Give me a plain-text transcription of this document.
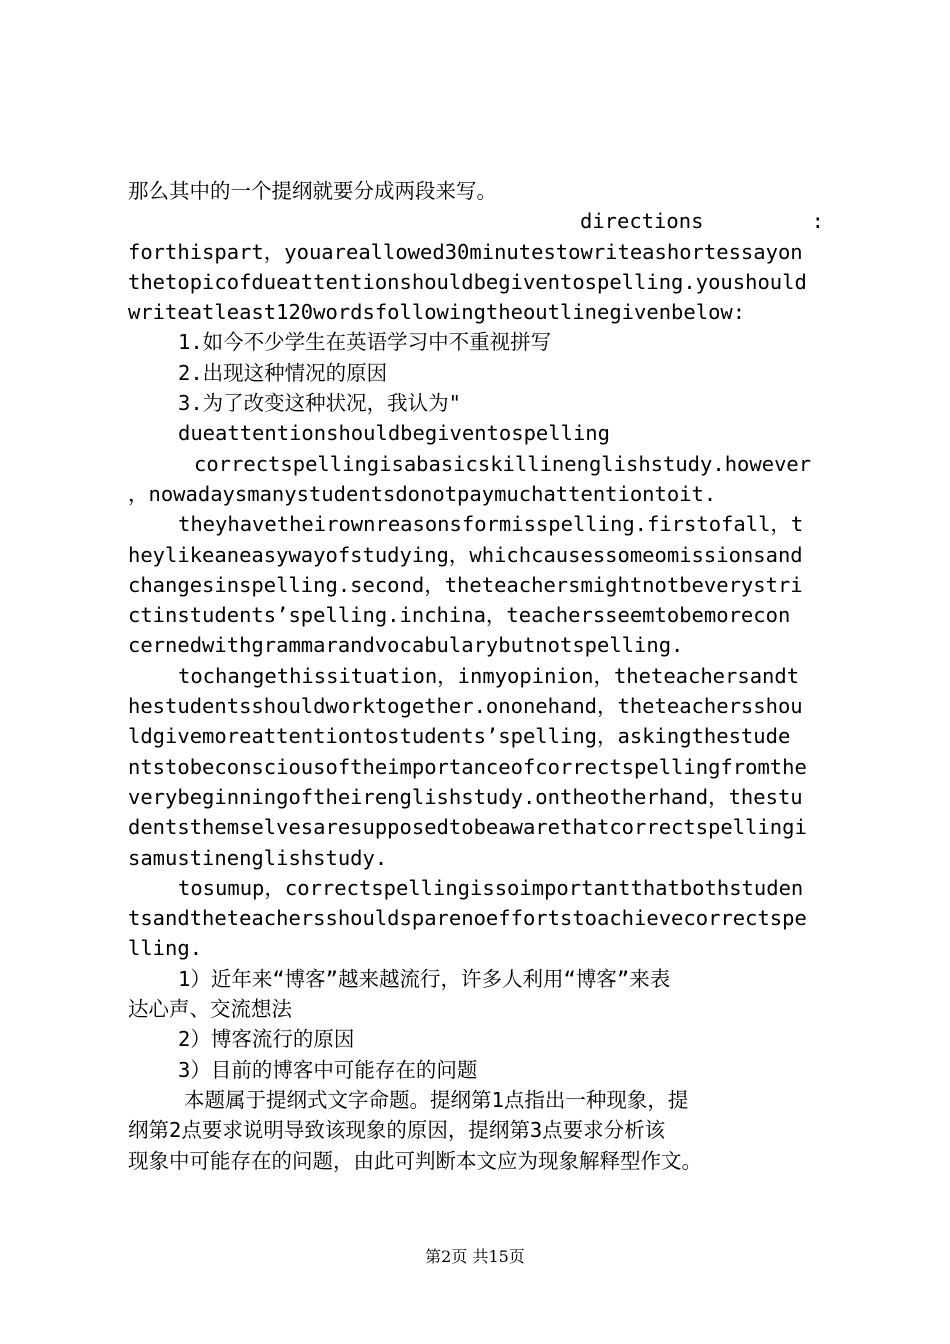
那么其中的一个提纲就要分成两段来写。
directions	:
forthispart，youareallowed30minutestowriteashortessayon
thetopicofdueattentionshouldbegiventospelling.youshould
writeatleast120wordsfollowingtheoutlinegivenbelow:
1.如今不少学生在英语学习中不重视拼写
2.出现这种情况的原因
3.为了改变这种状况，我认为"
dueattentionshouldbegiventospelling
correctspellingisabasicskillinenglishstudy.however
，nowadaysmanystudentsdonotpaymuchattentiontoit.
theyhavetheirownreasonsformisspelling.firstofall，t
heylikeaneasywayofstudying，whichcausessomeomissionsand
changesinspelling.second，theteachersmightnotbeverystri
ctinstudents’spelling.inchina，teachersseemtobemorecon
cernedwithgrammarandvocabularybutnotspelling.
tochangethissituation，inmyopinion，theteachersandt
hestudentsshouldworktogether.ononehand，theteachersshou
ldgivemoreattentiontostudents’spelling，askingthestude
ntstobeconsciousoftheimportanceofcorrectspellingfromthe
verybeginningoftheirenglishstudy.ontheotherhand，thestu
dentsthemselvesaresupposedtobeawarethatcorrectspellingi
samustinenglishstudy.
tosumup，correctspellingissoimportantthatbothstuden
tsandtheteachersshouldsparenoeffortstoachievecorrectspe
lling.
1）近年来“博客”越来越流行，许多人利用“博客”来表
达心声、交流想法
2）博客流行的原因
3）目前的博客中可能存在的问题
本题属于提纲式文字命题。提纲第1点指出一种现象，提
纲第2点要求说明导致该现象的原因，提纲第3点要求分析该
现象中可能存在的问题，由此可判断本文应为现象解释型作文。
第2页 共15页
